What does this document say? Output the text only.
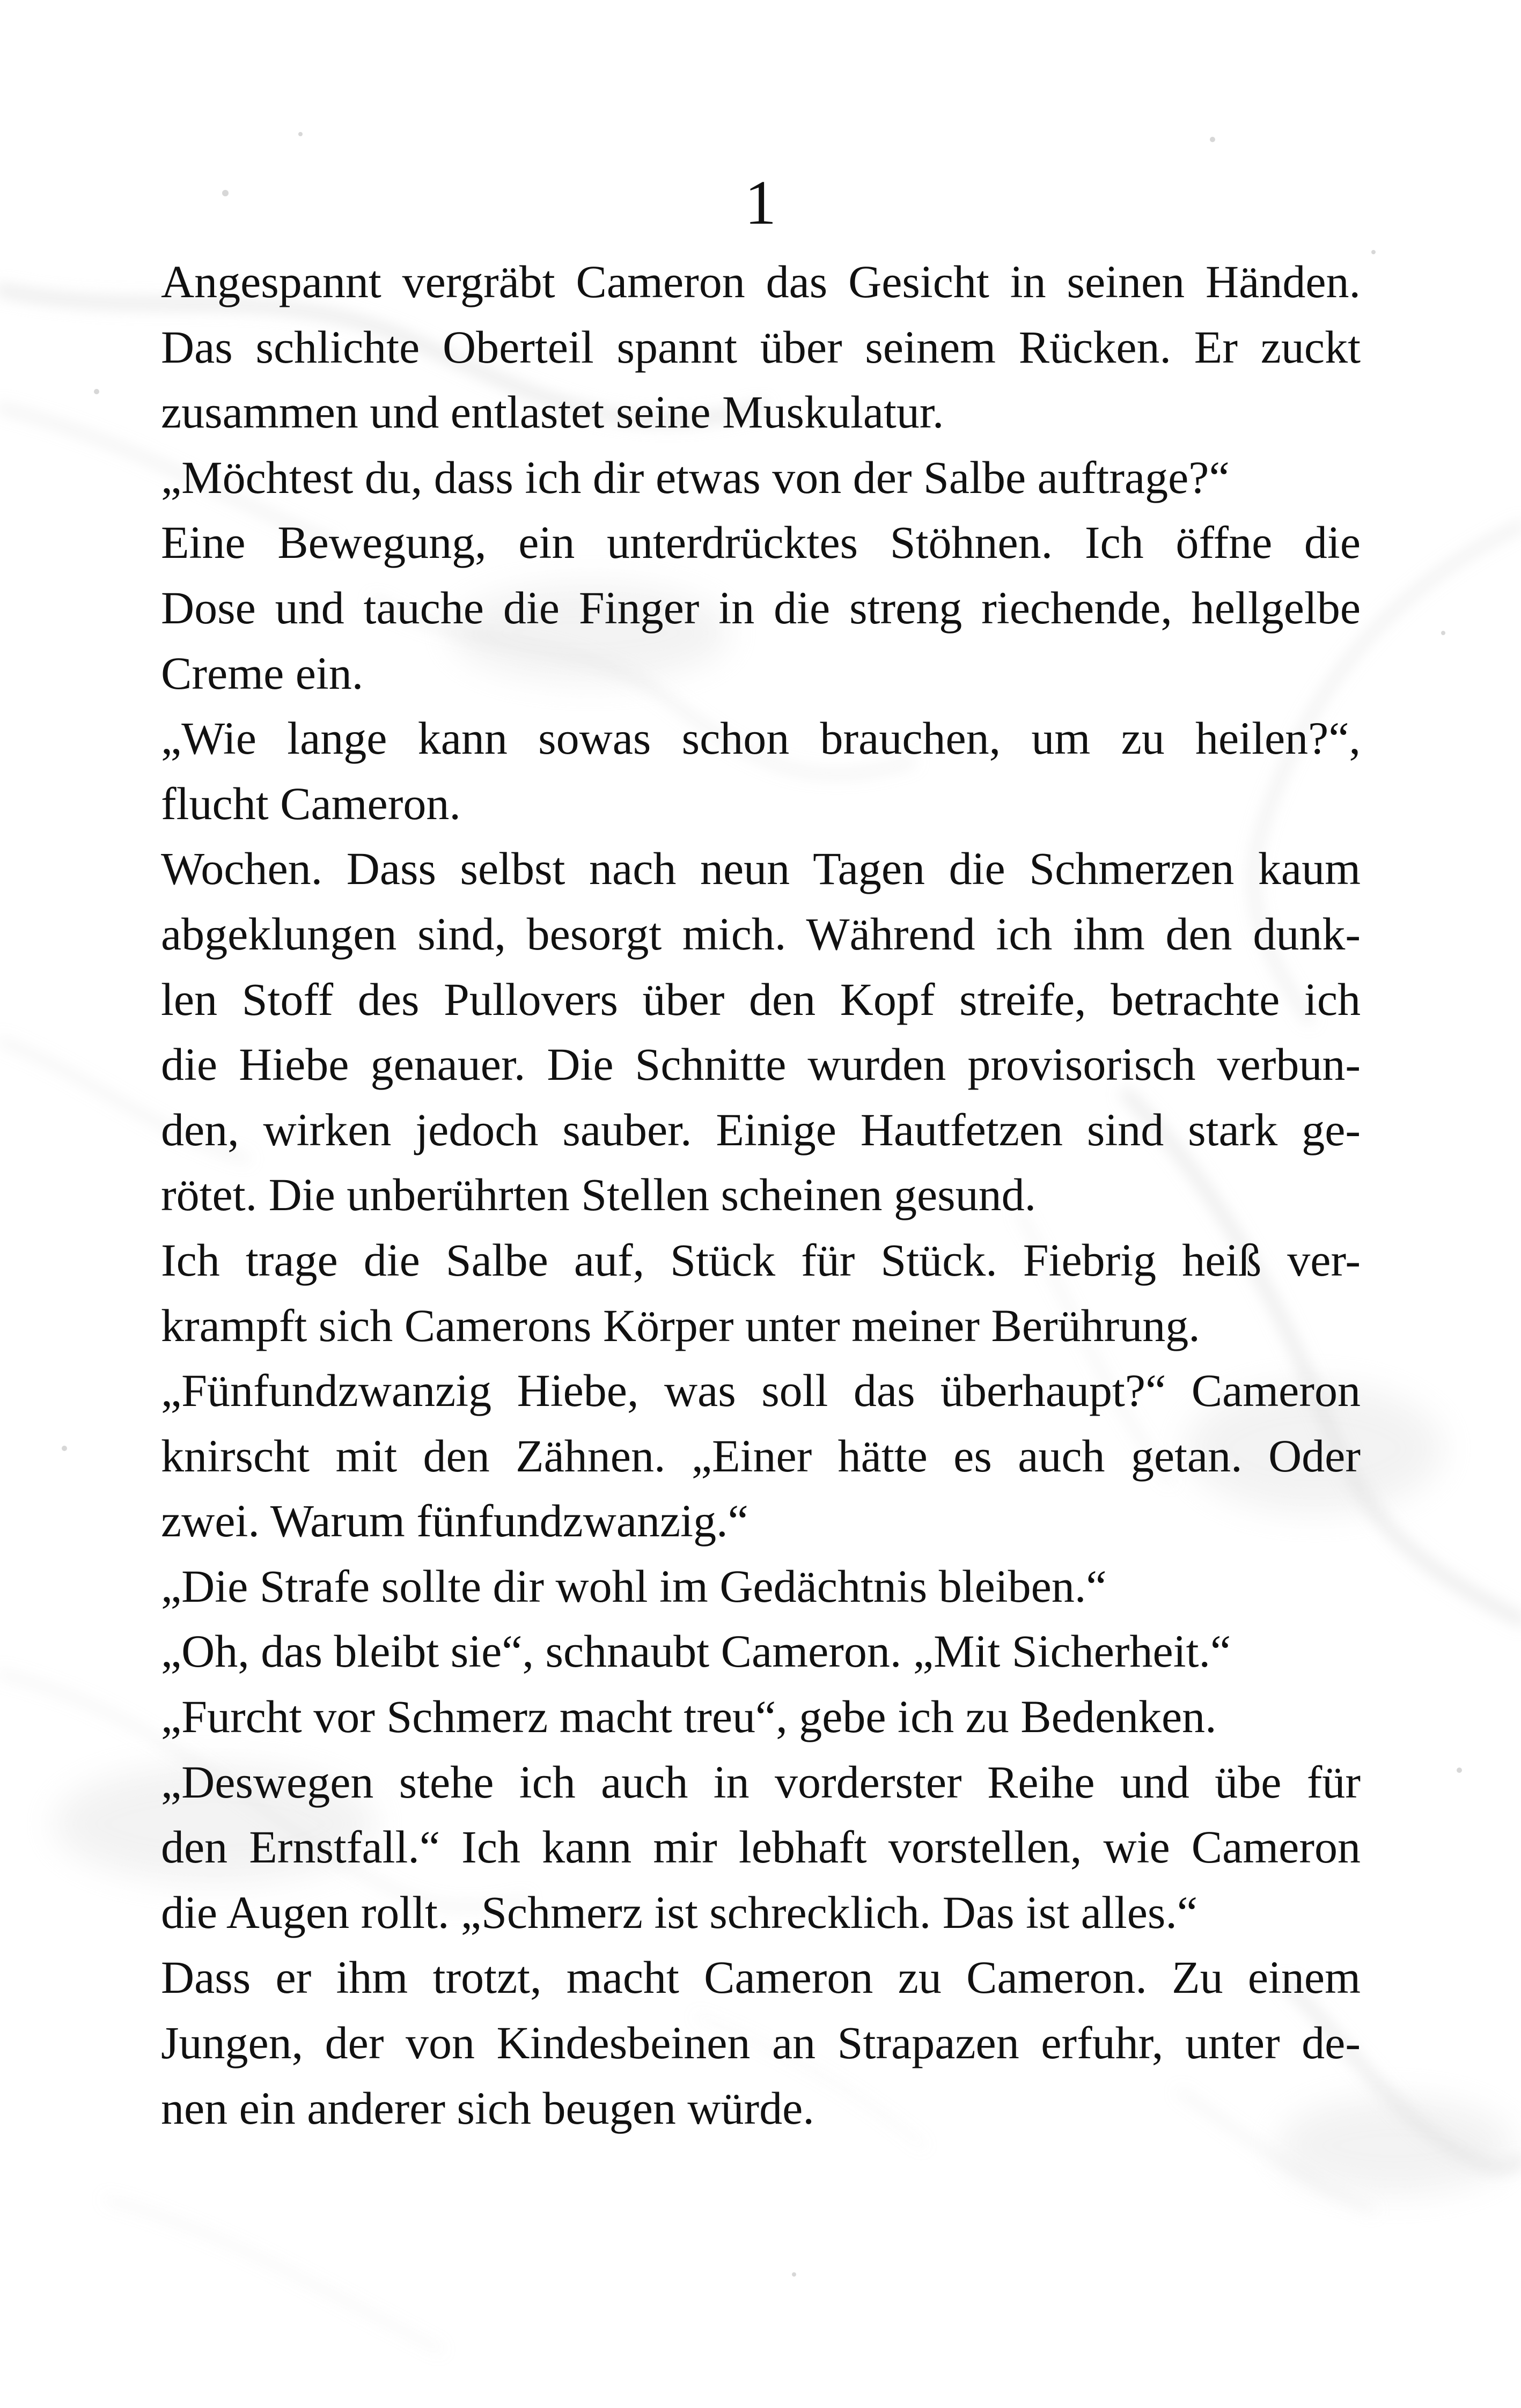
1
Angespannt vergräbt Cameron das Gesicht in seinen Händen.
Das schlichte Oberteil spannt über seinem Rücken. Er zuckt
zusammen und entlastet seine Muskulatur.
„Möchtest du, dass ich dir etwas von der Salbe auftrage?“
Eine Bewegung, ein unterdrücktes Stöhnen. Ich öffne die
Dose und tauche die Finger in die streng riechende, hellgelbe
Creme ein.
„Wie lange kann sowas schon brauchen, um zu heilen?“,
flucht Cameron.
Wochen. Dass selbst nach neun Tagen die Schmerzen kaum
abgeklungen sind, besorgt mich. Während ich ihm den dunk-
len Stoff des Pullovers über den Kopf streife, betrachte ich
die Hiebe genauer. Die Schnitte wurden provisorisch verbun-
den, wirken jedoch sauber. Einige Hautfetzen sind stark ge-
rötet. Die unberührten Stellen scheinen gesund.
Ich trage die Salbe auf, Stück für Stück. Fiebrig heiß ver-
krampft sich Camerons Körper unter meiner Berührung.
„Fünfundzwanzig Hiebe, was soll das überhaupt?“ Cameron
knirscht mit den Zähnen. „Einer hätte es auch getan. Oder
zwei. Warum fünfundzwanzig.“
„Die Strafe sollte dir wohl im Gedächtnis bleiben.“
„Oh, das bleibt sie“, schnaubt Cameron. „Mit Sicherheit.“
„Furcht vor Schmerz macht treu“, gebe ich zu Bedenken.
„Deswegen stehe ich auch in vorderster Reihe und übe für
den Ernstfall.“ Ich kann mir lebhaft vorstellen, wie Cameron
die Augen rollt. „Schmerz ist schrecklich. Das ist alles.“
Dass er ihm trotzt, macht Cameron zu Cameron. Zu einem
Jungen, der von Kindesbeinen an Strapazen erfuhr, unter de-
nen ein anderer sich beugen würde.
